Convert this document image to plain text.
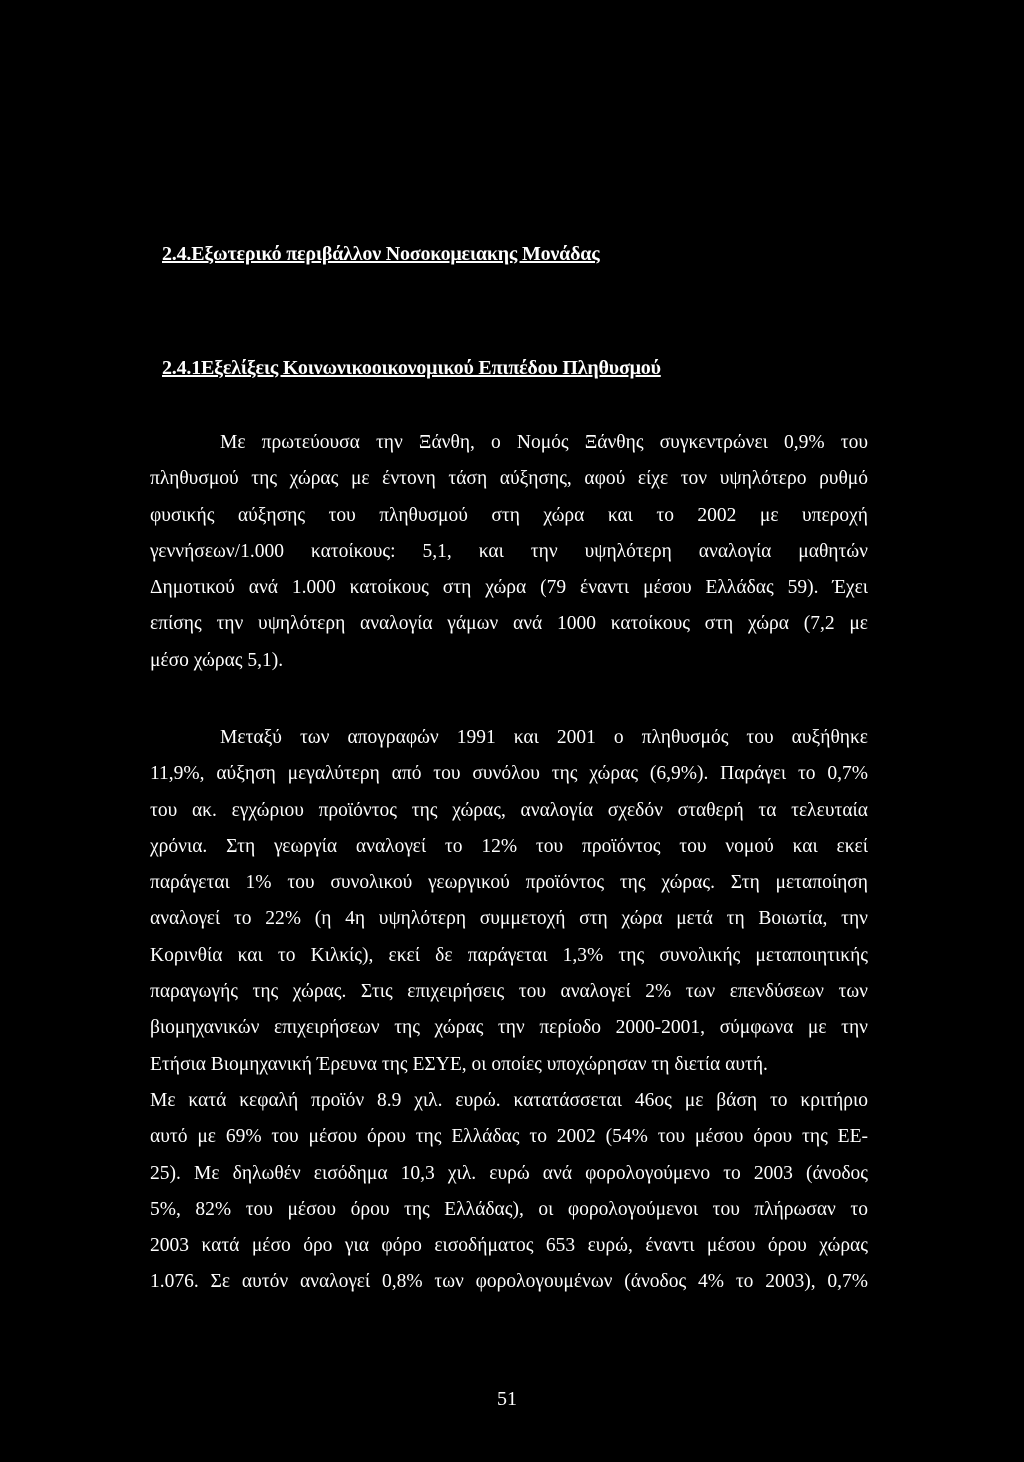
2.4.Εξωτερικό περιβάλλον Νοσοκομειακης Μονάδας
2.4.1Εξελίξεις Κοινωνικοοικονομικού Επιπέδου Πληθυσμού
Με πρωτεύουσα την Ξάνθη, ο Νομός Ξάνθης συγκεντρώνει 0,9% του
πληθυσμού της χώρας με έντονη τάση αύξησης, αφού είχε τον υψηλότερο ρυθμό
φυσικής αύξησης του πληθυσμού στη χώρα και το 2002 με υπεροχή
γεννήσεων/1.000 κατοίκους: 5,1, και την υψηλότερη αναλογία μαθητών
Δημοτικού ανά 1.000 κατοίκους στη χώρα (79 έναντι μέσου Ελλάδας 59). Έχει
επίσης την υψηλότερη αναλογία γάμων ανά 1000 κατοίκους στη χώρα (7,2 με
μέσο χώρας 5,1).
Μεταξύ των απογραφών 1991 και 2001 ο πληθυσμός του αυξήθηκε
11,9%, αύξηση μεγαλύτερη από του συνόλου της χώρας (6,9%). Παράγει το 0,7%
του ακ. εγχώριου προϊόντος της χώρας, αναλογία σχεδόν σταθερή τα τελευταία
χρόνια. Στη γεωργία αναλογεί το 12% του προϊόντος του νομού και εκεί
παράγεται 1% του συνολικού γεωργικού προϊόντος της χώρας. Στη μεταποίηση
αναλογεί το 22% (η 4η υψηλότερη συμμετοχή στη χώρα μετά τη Βοιωτία, την
Κορινθία και το Κιλκίς), εκεί δε παράγεται 1,3% της συνολικής μεταποιητικής
παραγωγής της χώρας. Στις επιχειρήσεις του αναλογεί 2% των επενδύσεων των
βιομηχανικών επιχειρήσεων της χώρας την περίοδο 2000-2001, σύμφωνα με την
Ετήσια Βιομηχανική Έρευνα της ΕΣΥΕ, οι οποίες υποχώρησαν τη διετία αυτή.
Με κατά κεφαλή προϊόν 8.9 χιλ. ευρώ. κατατάσσεται 46ος με βάση το κριτήριο
αυτό με 69% του μέσου όρου της Ελλάδας το 2002 (54% του μέσου όρου της ΕΕ-
25). Με δηλωθέν εισόδημα 10,3 χιλ. ευρώ ανά φορολογούμενο το 2003 (άνοδος
5%, 82% του μέσου όρου της Ελλάδας), οι φορολογούμενοι του πλήρωσαν το
2003 κατά μέσο όρο για φόρο εισοδήματος 653 ευρώ, έναντι μέσου όρου χώρας
1.076. Σε αυτόν αναλογεί 0,8% των φορολογουμένων (άνοδος 4% το 2003), 0,7%
51
